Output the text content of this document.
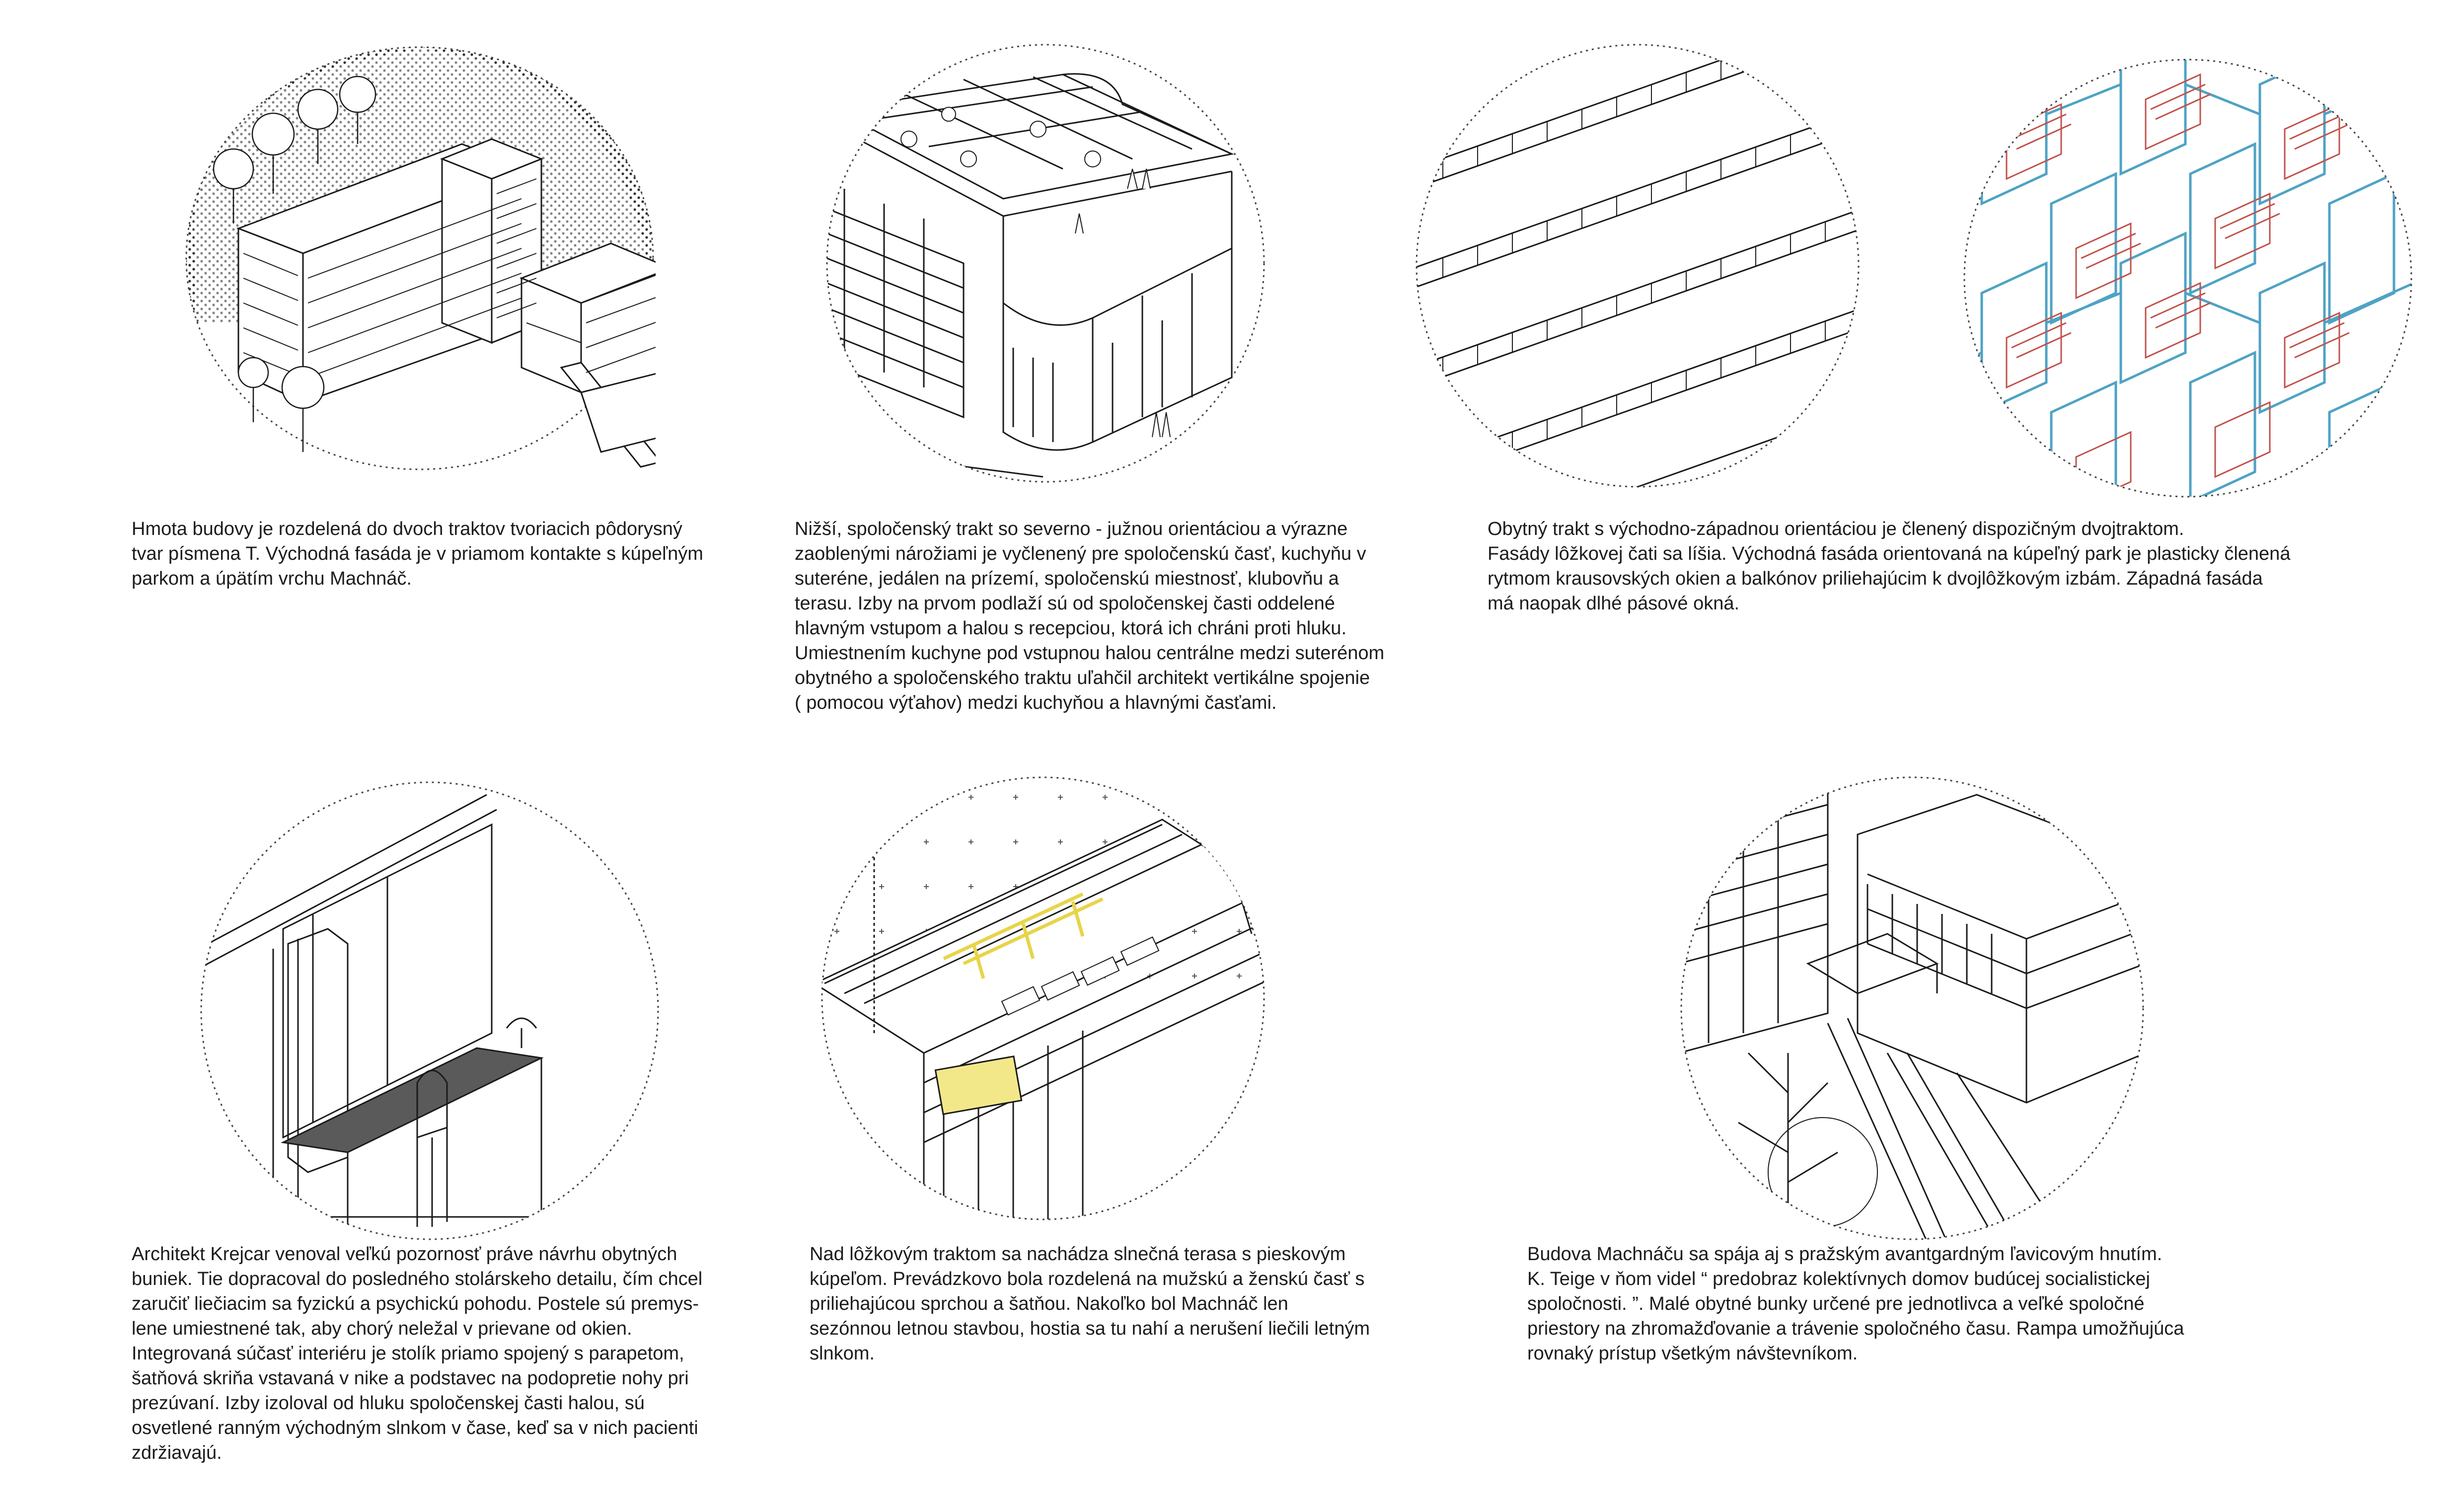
Hmota budovy je rozdelená do dvoch traktov tvoriacich pôdorysný
tvar písmena T. Východná fasáda je v priamom kontakte s kúpeľným
parkom a úpätím vrchu Machnáč.
Nižší, spoločenský trakt so severno - južnou orientáciou a výrazne
zaoblenými nárožiami je vyčlenený pre spoločenskú časť, kuchyňu v
suteréne, jedálen na prízemí, spoločenskú miestnosť, klubovňu a
terasu. Izby na prvom podlaží sú od spoločenskej časti oddelené
hlavným vstupom a halou s recepciou, ktorá ich chráni proti hluku.
Umiestnením kuchyne pod vstupnou halou centrálne medzi suterénom
obytného a spoločenského traktu uľahčil architekt vertikálne spojenie
( pomocou výťahov) medzi kuchyňou a hlavnými časťami.
Obytný trakt s východno-západnou orientáciou je členený dispozičným dvojtraktom.
Fasády lôžkovej čati sa líšia. Východná fasáda orientovaná na kúpeľný park je plasticky členená
rytmom krausovských okien a balkónov priliehajúcim k dvojlôžkovým izbám. Západná fasáda
má naopak dlhé pásové okná.
Architekt Krejcar venoval veľkú pozornosť práve návrhu obytných
buniek. Tie dopracoval do posledného stolárskeho detailu, čím chcel
zaručiť liečiacim sa fyzickú a psychickú pohodu. Postele sú premys-
lene umiestnené tak, aby chorý neležal v prievane od okien.
Integrovaná súčasť interiéru je stolík priamo spojený s parapetom,
šatňová skriňa vstavaná v nike a podstavec na podopretie nohy pri
prezúvaní. Izby izoloval od hluku spoločenskej časti halou, sú
osvetlené ranným východným slnkom v čase, keď sa v nich pacienti
zdržiavajú.
Nad lôžkovým traktom sa nachádza slnečná terasa s pieskovým
kúpeľom. Prevádzkovo bola rozdelená na mužskú a ženskú časť s
priliehajúcou sprchou a šatňou. Nakoľko bol Machnáč len
sezónnou letnou stavbou, hostia sa tu nahí a nerušení liečili letným
slnkom.
Budova Machnáču sa spája aj s pražským avantgardným ľavicovým hnutím.
K. Teige v ňom videl “ predobraz kolektívnych domov budúcej socialistickej
spoločnosti. ”. Malé obytné bunky určené pre jednotlivca a veľké spoločné
priestory na zhromažďovanie a trávenie spoločného času. Rampa umožňujúca
rovnaký prístup všetkým návštevníkom.
